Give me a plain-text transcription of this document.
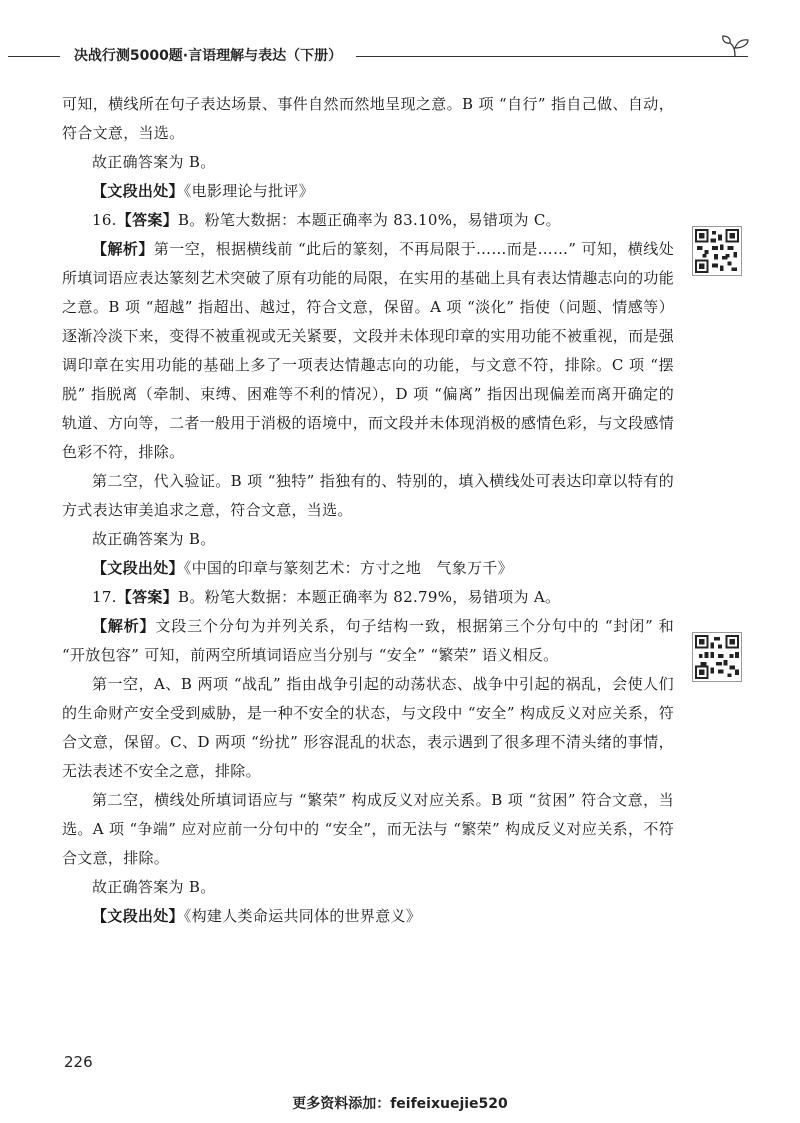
决战行测5000题·言语理解与表达（下册）

可知，横线所在句子表达场景、事件自然而然地呈现之意。B 项 “自行” 指自己做、自动，符合文意，当选。

故正确答案为 B。

【文段出处】《电影理论与批评》

16.【答案】B。粉笔大数据：本题正确率为 83.10%，易错项为 C。

【解析】第一空，根据横线前 “此后的篆刻，不再局限于……而是……” 可知，横线处所填词语应表达篆刻艺术突破了原有功能的局限，在实用的基础上具有表达情趣志向的功能之意。B 项 “超越” 指超出、越过，符合文意，保留。A 项 “淡化” 指使（问题、情感等）逐渐冷淡下来，变得不被重视或无关紧要，文段并未体现印章的实用功能不被重视，而是强调印章在实用功能的基础上多了一项表达情趣志向的功能，与文意不符，排除。C 项 “摆脱” 指脱离（牵制、束缚、困难等不利的情况），D 项 “偏离” 指因出现偏差而离开确定的轨道、方向等，二者一般用于消极的语境中，而文段并未体现消极的感情色彩，与文段感情色彩不符，排除。

第二空，代入验证。B 项 “独特” 指独有的、特别的，填入横线处可表达印章以特有的方式表达审美追求之意，符合文意，当选。

故正确答案为 B。

【文段出处】《中国的印章与篆刻艺术：方寸之地　气象万千》

17.【答案】B。粉笔大数据：本题正确率为 82.79%，易错项为 A。

【解析】文段三个分句为并列关系，句子结构一致，根据第三个分句中的 “封闭” 和 “开放包容” 可知，前两空所填词语应当分别与 “安全” “繁荣” 语义相反。

第一空，A、B 两项 “战乱” 指由战争引起的动荡状态、战争中引起的祸乱，会使人们的生命财产安全受到威胁，是一种不安全的状态，与文段中 “安全” 构成反义对应关系，符合文意，保留。C、D 两项 “纷扰” 形容混乱的状态，表示遇到了很多理不清头绪的事情，无法表述不安全之意，排除。

第二空，横线处所填词语应与 “繁荣” 构成反义对应关系。B 项 “贫困” 符合文意，当选。A 项 “争端” 应对应前一分句中的 “安全”，而无法与 “繁荣” 构成反义对应关系，不符合文意，排除。

故正确答案为 B。

【文段出处】《构建人类命运共同体的世界意义》

226
更多资料添加：feifeixuejie520
